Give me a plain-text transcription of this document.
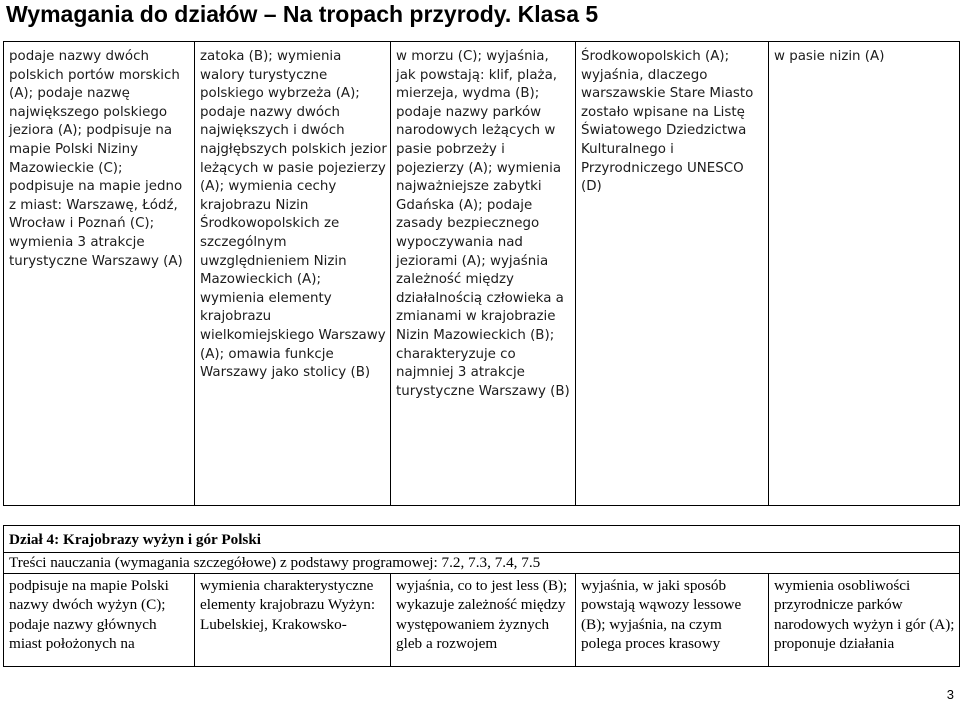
Wymagania do działów – Na tropach przyrody. Klasa 5
podaje nazwy dwóch polskich portów morskich (A); podaje nazwę największego polskiego jeziora (A); podpisuje na mapie Polski Niziny Mazowieckie (C); podpisuje na mapie jedno z miast: Warszawę, Łódź, Wrocław i Poznań (C); wymienia 3 atrakcje turystyczne Warszawy (A)	zatoka (B); wymienia walory turystyczne polskiego wybrzeża (A); podaje nazwy dwóch największych i dwóch najgłębszych polskich jezior leżących w pasie pojezierzy (A); wymienia cechy krajobrazu Nizin Środkowopolskich ze szczególnym uwzględnieniem Nizin Mazowieckich (A); wymienia elementy krajobrazu wielkomiejskiego Warszawy (A); omawia funkcje Warszawy jako stolicy (B)	w morzu (C); wyjaśnia, jak powstają: klif, plaża, mierzeja, wydma (B); podaje nazwy parków narodowych leżących w pasie pobrzeży i pojezierzy (A); wymienia najważniejsze zabytki Gdańska (A); podaje zasady bezpiecznego wypoczywania nad jeziorami (A); wyjaśnia zależność między działalnością człowieka a zmianami w krajobrazie Nizin Mazowieckich (B); charakteryzuje co najmniej 3 atrakcje turystyczne Warszawy (B)	Środkowopolskich (A); wyjaśnia, dlaczego warszawskie Stare Miasto zostało wpisane na Listę Światowego Dziedzictwa Kulturalnego i Przyrodniczego UNESCO (D)	w pasie nizin (A)
Dział 4: Krajobrazy wyżyn i gór Polski
Treści nauczania (wymagania szczegółowe) z podstawy programowej: 7.2, 7.3, 7.4, 7.5
podpisuje na mapie Polski nazwy dwóch wyżyn (C); podaje nazwy głównych miast położonych na	wymienia charakterystyczne elementy krajobrazu Wyżyn: Lubelskiej, Krakowsko-	wyjaśnia, co to jest less (B); wykazuje zależność między występowaniem żyznych gleb a rozwojem	wyjaśnia, w jaki sposób powstają wąwozy lessowe (B); wyjaśnia, na czym polega proces krasowy	wymienia osobliwości przyrodnicze parków narodowych wyżyn i gór (A); proponuje działania
3
